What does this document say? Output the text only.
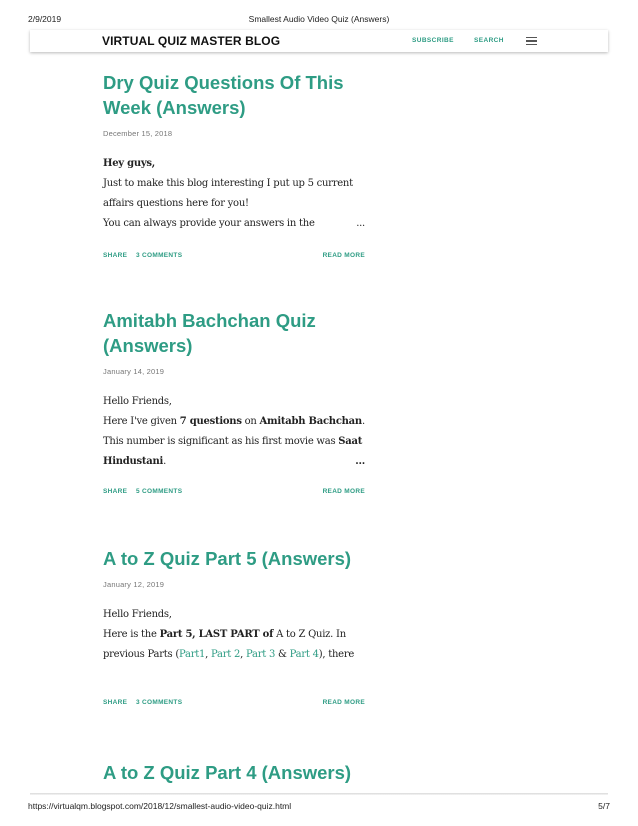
2/9/2019	Smallest Audio Video Quiz (Answers)
VIRTUAL QUIZ MASTER BLOG	SUBSCRIBE	SEARCH
Dry Quiz Questions Of This Week (Answers)
December 15, 2018

Hey guys,

Just to make this blog interesting I put up 5 current affairs questions here for you!

You can always provide your answers in the	...
SHARE 3 COMMENTS	READ MORE
Amitabh Bachchan Quiz (Answers)
January 14, 2019

Hello Friends,

Here I've given 7 questions on Amitabh Bachchan.

This number is significant as his first movie was Saat Hindustani.	...
SHARE 5 COMMENTS	READ MORE
A to Z Quiz Part 5 (Answers)
January 12, 2019

Hello Friends,

Here is the Part 5, LAST PART of A to Z Quiz. In previous Parts (Part1, Part 2, Part 3 & Part 4), there

SHARE 3 COMMENTS	READ MORE
A to Z Quiz Part 4 (Answers)
https://virtualqm.blogspot.com/2018/12/smallest-audio-video-quiz.html	5/7
